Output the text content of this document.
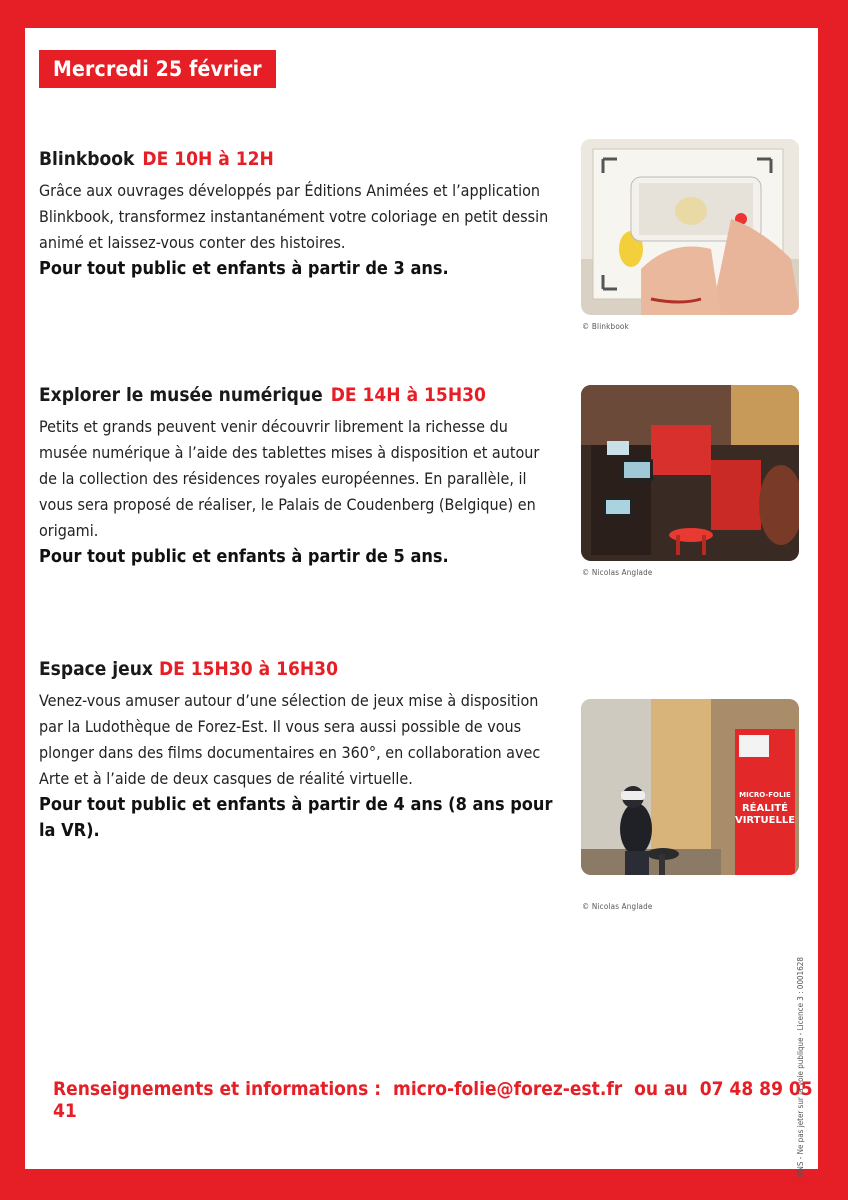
Mercredi 25 février

Blinkbook DE 10H à 12H

Grâce aux ouvrages développés par Éditions Animées et l’application Blinkbook, transformez instantanément votre coloriage en petit dessin animé et laissez-vous conter des histoires.

Pour tout public et enfants à partir de 3 ans.

© Blinkbook

Explorer le musée numérique DE 14H à 15H30

Petits et grands peuvent venir découvrir librement la richesse du musée numérique à l’aide des tablettes mises à disposition et autour de la collection des résidences royales européennes. En parallèle, il vous sera proposé de réaliser, le Palais de Coudenberg (Belgique) en origami.

Pour tout public et enfants à partir de 5 ans.

© Nicolas Anglade

Espace jeux DE 15H30 à 16H30

Venez-vous amuser autour d’une sélection de jeux mise à disposition par la Ludothèque de Forez-Est. Il vous sera aussi possible de vous plonger dans des films documentaires en 360°, en collaboration avec Arte et à l’aide de deux casques de réalité virtuelle.

Pour tout public et enfants à partir de 4 ans (8 ans pour la VR).

MICRO-FOLIE
RÉALITÉ
VIRTUELLE
© Nicolas Anglade
Renseignements et informations : micro-folie@forez-est.fr ou au 07 48 89 05 41	IPNS - Ne pas jeter sur la voie publique - Licence 3 : 0001628
